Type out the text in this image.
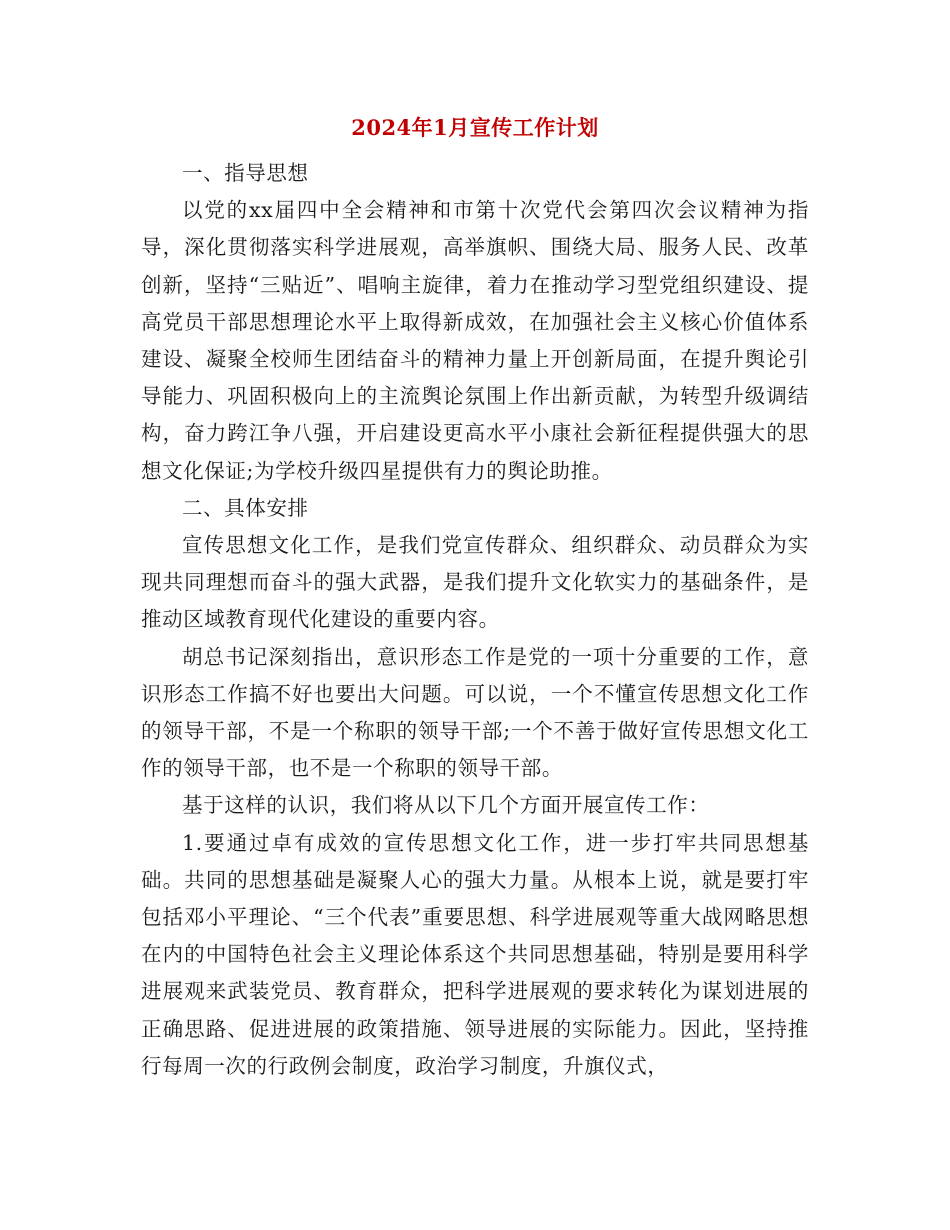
2024年1月宣传工作计划

一、指导思想

以党的xx届四中全会精神和市第十次党代会第四次会议精神为指导，深化贯彻落实科学进展观，高举旗帜、围绕大局、服务人民、改革创新，坚持“三贴近”、唱响主旋律，着力在推动学习型党组织建设、提高党员干部思想理论水平上取得新成效，在加强社会主义核心价值体系建设、凝聚全校师生团结奋斗的精神力量上开创新局面，在提升舆论引导能力、巩固积极向上的主流舆论氛围上作出新贡献，为转型升级调结构，奋力跨江争八强，开启建设更高水平小康社会新征程提供强大的思想文化保证;为学校升级四星提供有力的舆论助推。

二、具体安排

宣传思想文化工作，是我们党宣传群众、组织群众、动员群众为实现共同理想而奋斗的强大武器，是我们提升文化软实力的基础条件，是推动区域教育现代化建设的重要内容。

胡总书记深刻指出，意识形态工作是党的一项十分重要的工作，意识形态工作搞不好也要出大问题。可以说，一个不懂宣传思想文化工作的领导干部，不是一个称职的领导干部;一个不善于做好宣传思想文化工作的领导干部，也不是一个称职的领导干部。

基于这样的认识，我们将从以下几个方面开展宣传工作：

1.要通过卓有成效的宣传思想文化工作，进一步打牢共同思想基础。共同的思想基础是凝聚人心的强大力量。从根本上说，就是要打牢包括邓小平理论、“三个代表”重要思想、科学进展观等重大战网略思想在内的中国特色社会主义理论体系这个共同思想基础，特别是要用科学进展观来武装党员、教育群众，把科学进展观的要求转化为谋划进展的正确思路、促进进展的政策措施、领导进展的实际能力。因此，坚持推行每周一次的行政例会制度，政治学习制度，升旗仪式，
